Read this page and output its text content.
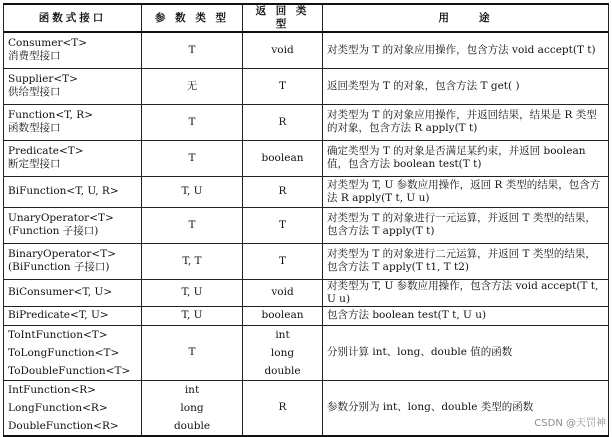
函数式接口	参 数 类 型	返 回 类 型	用　　途

Consumer<T>
消费型接口	T	void	对类型为 T 的对象应用操作，包含方法 void accept(T t)

Supplier<T>
供给型接口	无	T	返回类型为 T 的对象，包含方法 T get( )

Function<T, R>
函数型接口	T	R	对类型为 T 的对象应用操作，并返回结果，结果是 R 类型的对象，包含方法 R apply(T t)

Predicate<T>
断定型接口	T	boolean	确定类型为 T 的对象是否满足某约束，并返回 boolean 值，包含方法 boolean test(T t)

BiFunction<T, U, R>	T, U	R	对类型为 T, U 参数应用操作，返回 R 类型的结果，包含方法 R apply(T t, U u)

UnaryOperator<T>
(Function 子接口)	T	T	对类型为 T 的对象进行一元运算，并返回 T 类型的结果，包含方法 T apply(T t)

BinaryOperator<T>
(BiFunction 子接口)	T, T	T	对类型为 T 的对象进行二元运算，并返回 T 类型的结果，包含方法 T apply(T t1, T t2)

BiConsumer<T, U>	T, U	void	对类型为 T, U 参数应用操作，包含方法 void accept(T t, U u)

BiPredicate<T, U>	T, U	boolean	包含方法 boolean test(T t, U u)

ToIntFunction<T>
ToLongFunction<T>
ToDoubleFunction<T>	T	int
long
double	分别计算 int、long、double 值的函数

IntFunction<R>
LongFunction<R>
DoubleFunction<R>	int
long
double	R	参数分别为 int、long、double 类型的函数
CSDN @天罚神
